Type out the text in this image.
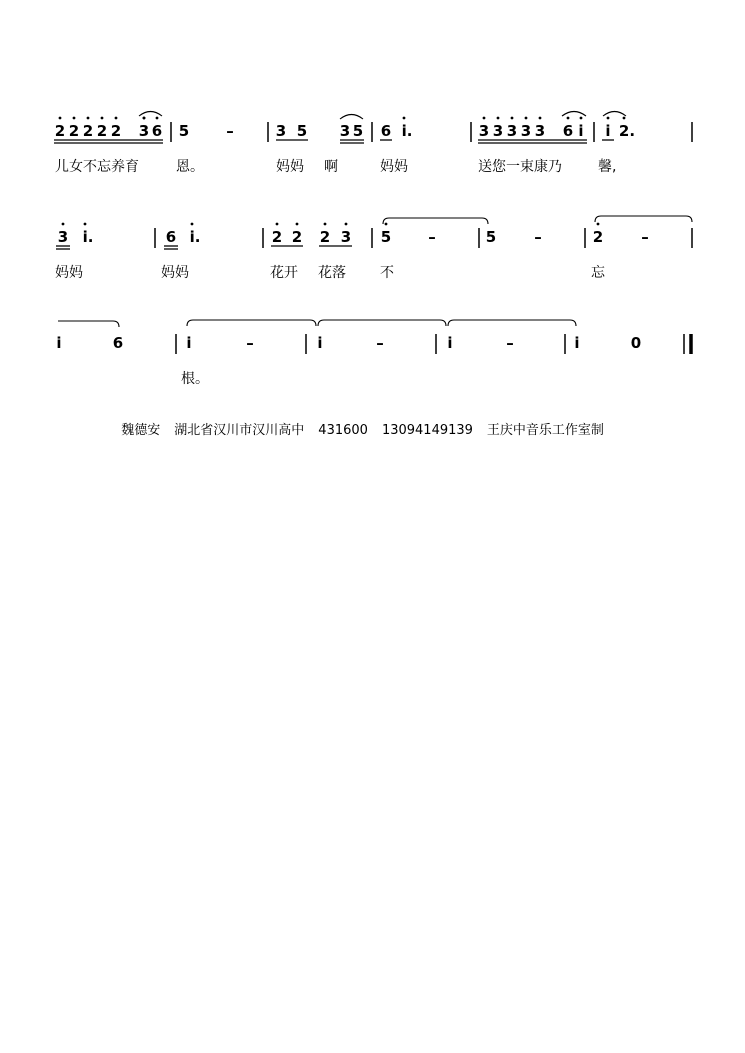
2 2 2 2 2 3 6 5 –	3 5 3 5 6 i.	3 3 3 3 3 6 i i 2.
3 i.	6 i.	2 2 2 3 5 –	5	–	2	–
i	6	i	–	i	–	i	–	i	0
儿女不忘养育	恩。	妈妈 啊	妈妈	送您一束康乃	馨,
妈妈	妈妈	花开 花落 不	忘
根。

魏德安 湖北省汉川市汉川高中 431600 13094149139 王庆中音乐工作室制
